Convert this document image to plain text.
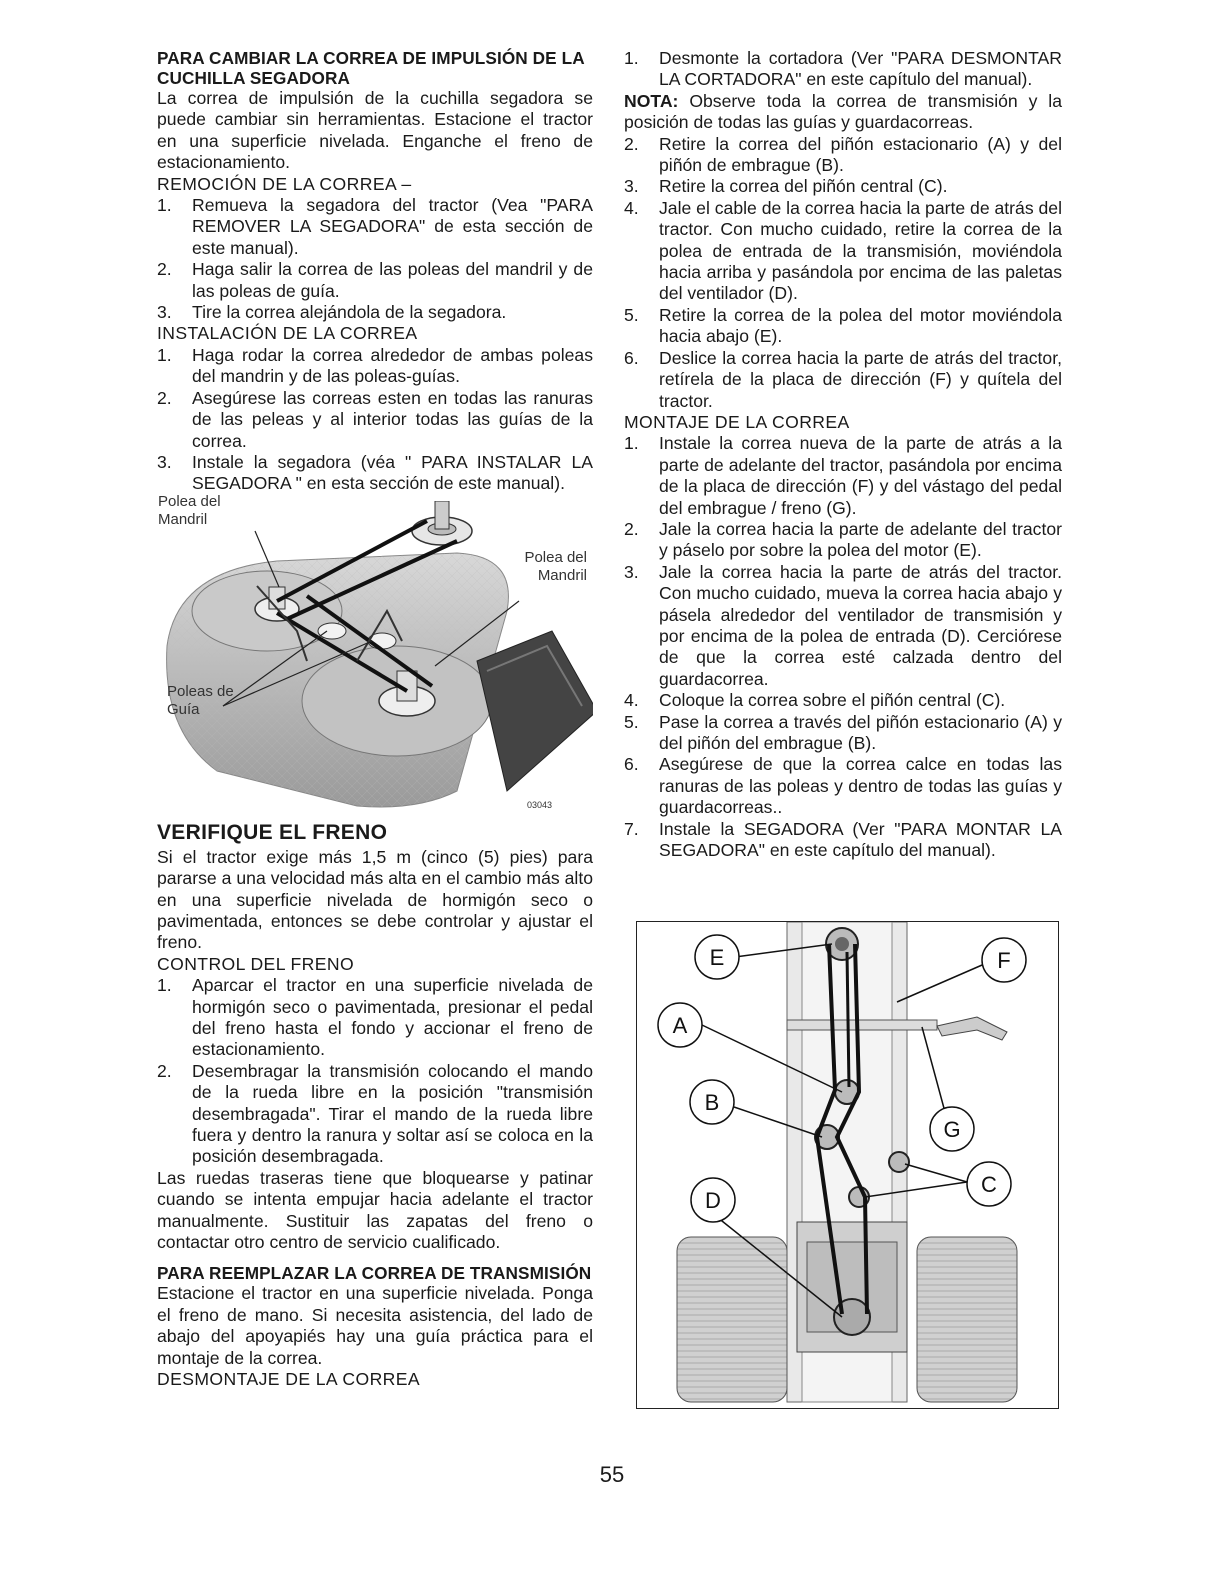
PARA CAMBIAR LA CORREA DE IMPULSIÓN DE LA CUCHILLA SEGADORA

La correa de impulsión de la cuchilla segadora se puede cambiar sin herramientas. Estacione el tractor en una superficie nivelada. Enganche el freno de estacionamiento.

REMOCIÓN DE LA CORREA –

1. Remueva la segadora del tractor (Vea "PARA REMOVER LA SEGADORA" de esta sección de este manual).
2. Haga salir la correa de las poleas del mandril y de las poleas de guía.
3. Tire la correa alejándola de la segadora.

INSTALACIÓN DE LA CORREA

1. Haga rodar la correa alrededor de ambas poleas del mandrin y de las poleas-guías.
2. Asegúrese las correas esten en todas las ranuras de las peleas y al interior todas las guías de la correa.
3. Instale la segadora (véa " PARA INSTALAR LA SEGADORA " en esta sección de este manual).
Polea del Mandril
Polea del Mandril
Poleas de Guía
03043

VERIFIQUE EL FRENO

Si el tractor exige más 1,5 m (cinco (5) pies) para pararse a una velocidad más alta en el cambio más alto en una superficie nivelada de hormigón seco o pavimentada, entonces se debe controlar y ajustar el freno.

CONTROL DEL FRENO

1. Aparcar el tractor en una superficie nivelada de hormigón seco o pavimentada, presionar el pedal del freno hasta el fondo y accionar el freno de estacionamiento.
2. Desembragar la transmisión colocando el mando de la rueda libre en la posición "transmisión desembragada". Tirar el mando de la rueda libre fuera y dentro la ranura y soltar así se coloca en la posición desembragada.

Las ruedas traseras tiene que bloquearse y patinar cuando se intenta empujar hacia adelante el tractor manualmente. Sustituir las zapatas del freno o contactar otro centro de servicio cualificado.

PARA REEMPLAZAR LA CORREA DE TRANSMISIÓN

Estacione el tractor en una superficie nivelada. Ponga el freno de mano. Si necesita asistencia, del lado de abajo del apoyapiés hay una guía práctica para el montaje de la correa.

DESMONTAJE DE LA CORREA

1. Desmonte la cortadora (Ver "PARA DESMONTAR LA CORTADORA" en este capítulo del manual).

NOTA: Observe toda la correa de transmisión y la posición de todas las guías y guardacorreas.

2. Retire la correa del piñón estacionario (A) y del piñón de embrague (B).
3. Retire la correa del piñón central (C).
4. Jale el cable de la correa hacia la parte de atrás del tractor. Con mucho cuidado, retire la correa de la polea de entrada de la transmisión, moviéndola hacia arriba y pasándola por encima de las paletas del ventilador (D).
5. Retire la correa de la polea del motor moviéndola hacia abajo (E).
6. Deslice la correa hacia la parte de atrás del tractor, retírela de la placa de dirección (F) y quítela del tractor.

MONTAJE DE LA CORREA

1. Instale la correa nueva de la parte de atrás a la parte de adelante del tractor, pasándola por encima de la placa de dirección (F) y del vástago del pedal del embrague / freno (G).
2. Jale la correa hacia la parte de adelante del tractor y páselo por sobre la polea del motor (E).
3. Jale la correa hacia la parte de atrás del tractor. Con mucho cuidado, mueva la correa hacia abajo y pásela alrededor del ventilador de transmisión y por encima de la polea de entrada (D). Cerciórese de que la correa esté calzada dentro del guardacorrea.
4. Coloque la correa sobre el piñón central (C).
5. Pase la correa a través del piñón estacionario (A) y del piñón del embrague (B).
6. Asegúrese de que la correa calce en todas las ranuras de las poleas y dentro de todas las guías y guardacorreas..
7. Instale la SEGADORA (Ver "PARA MONTAR LA SEGADORA" en este capítulo del manual).
E	F
A
G
B
C
D
55
